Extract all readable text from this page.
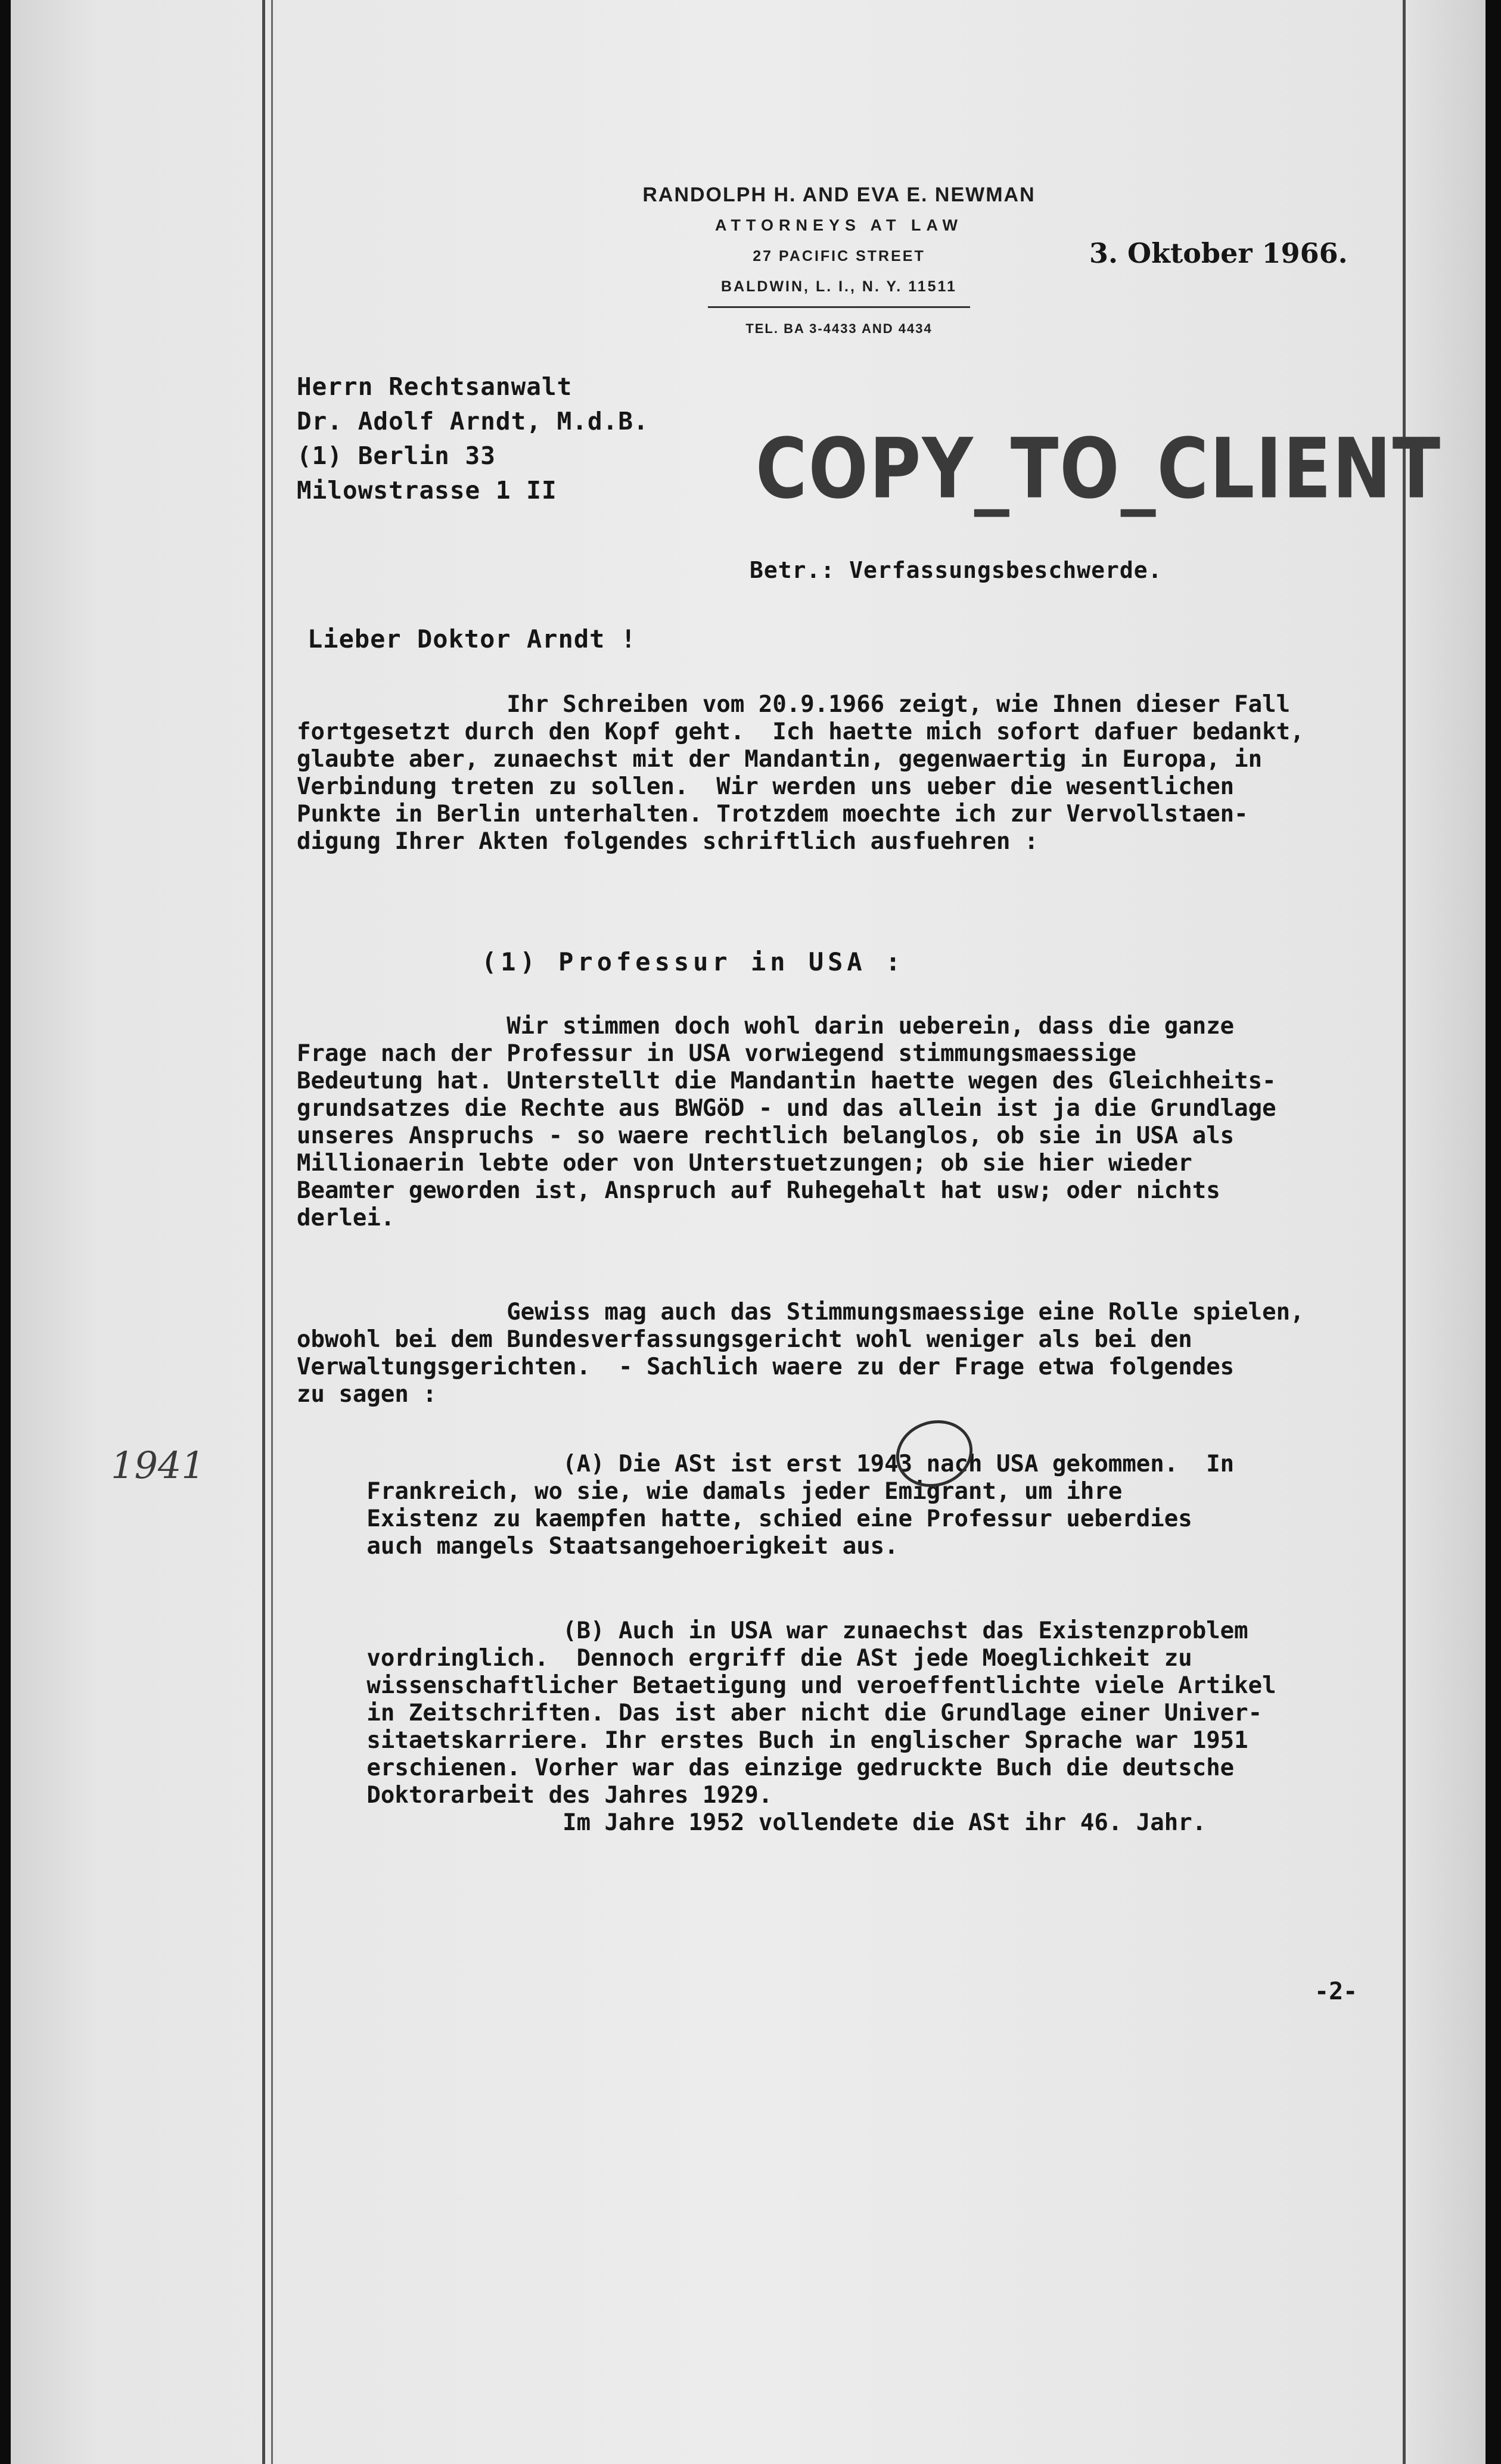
RANDOLPH H. AND EVA E. NEWMAN
ATTORNEYS AT LAW
27 PACIFIC STREET
BALDWIN, L. I., N. Y. 11511
TEL. BA 3-4433 AND 4434
3. Oktober 1966.
Herrn Rechtsanwalt
Dr. Adolf Arndt, M.d.B.
(1) Berlin 33
Milowstrasse 1 II	COPY_TO_CLIENT
Betr.: Verfassungsbeschwerde.
Lieber Doktor Arndt !
Ihr Schreiben vom 20.9.1966 zeigt, wie Ihnen dieser Fall
fortgesetzt durch den Kopf geht.  Ich haette mich sofort dafuer bedankt,
glaubte aber, zunaechst mit der Mandantin, gegenwaertig in Europa, in
Verbindung treten zu sollen.  Wir werden uns ueber die wesentlichen
Punkte in Berlin unterhalten. Trotzdem moechte ich zur Vervollstaen-
digung Ihrer Akten folgendes schriftlich ausfuehren :
(1) Professur in USA :
Wir stimmen doch wohl darin ueberein, dass die ganze
Frage nach der Professur in USA vorwiegend stimmungsmaessige
Bedeutung hat. Unterstellt die Mandantin haette wegen des Gleichheits-
grundsatzes die Rechte aus BWGöD - und das allein ist ja die Grundlage
unseres Anspruchs - so waere rechtlich belanglos, ob sie in USA als
Millionaerin lebte oder von Unterstuetzungen; ob sie hier wieder
Beamter geworden ist, Anspruch auf Ruhegehalt hat usw; oder nichts
derlei.
Gewiss mag auch das Stimmungsmaessige eine Rolle spielen,
obwohl bei dem Bundesverfassungsgericht wohl weniger als bei den
Verwaltungsgerichten.  - Sachlich waere zu der Frage etwa folgendes
zu sagen :
(A) Die ASt ist erst 1943 nach USA gekommen.  In
Frankreich, wo sie, wie damals jeder Emigrant, um ihre
Existenz zu kaempfen hatte, schied eine Professur ueberdies
auch mangels Staatsangehoerigkeit aus.
(B) Auch in USA war zunaechst das Existenzproblem
vordringlich.  Dennoch ergriff die ASt jede Moeglichkeit zu
wissenschaftlicher Betaetigung und veroeffentlichte viele Artikel
in Zeitschriften. Das ist aber nicht die Grundlage einer Univer-
sitaetskarriere. Ihr erstes Buch in englischer Sprache war 1951
erschienen. Vorher war das einzige gedruckte Buch die deutsche
Doktorarbeit des Jahres 1929.
Im Jahre 1952 vollendete die ASt ihr 46. Jahr.
1941
-2-
